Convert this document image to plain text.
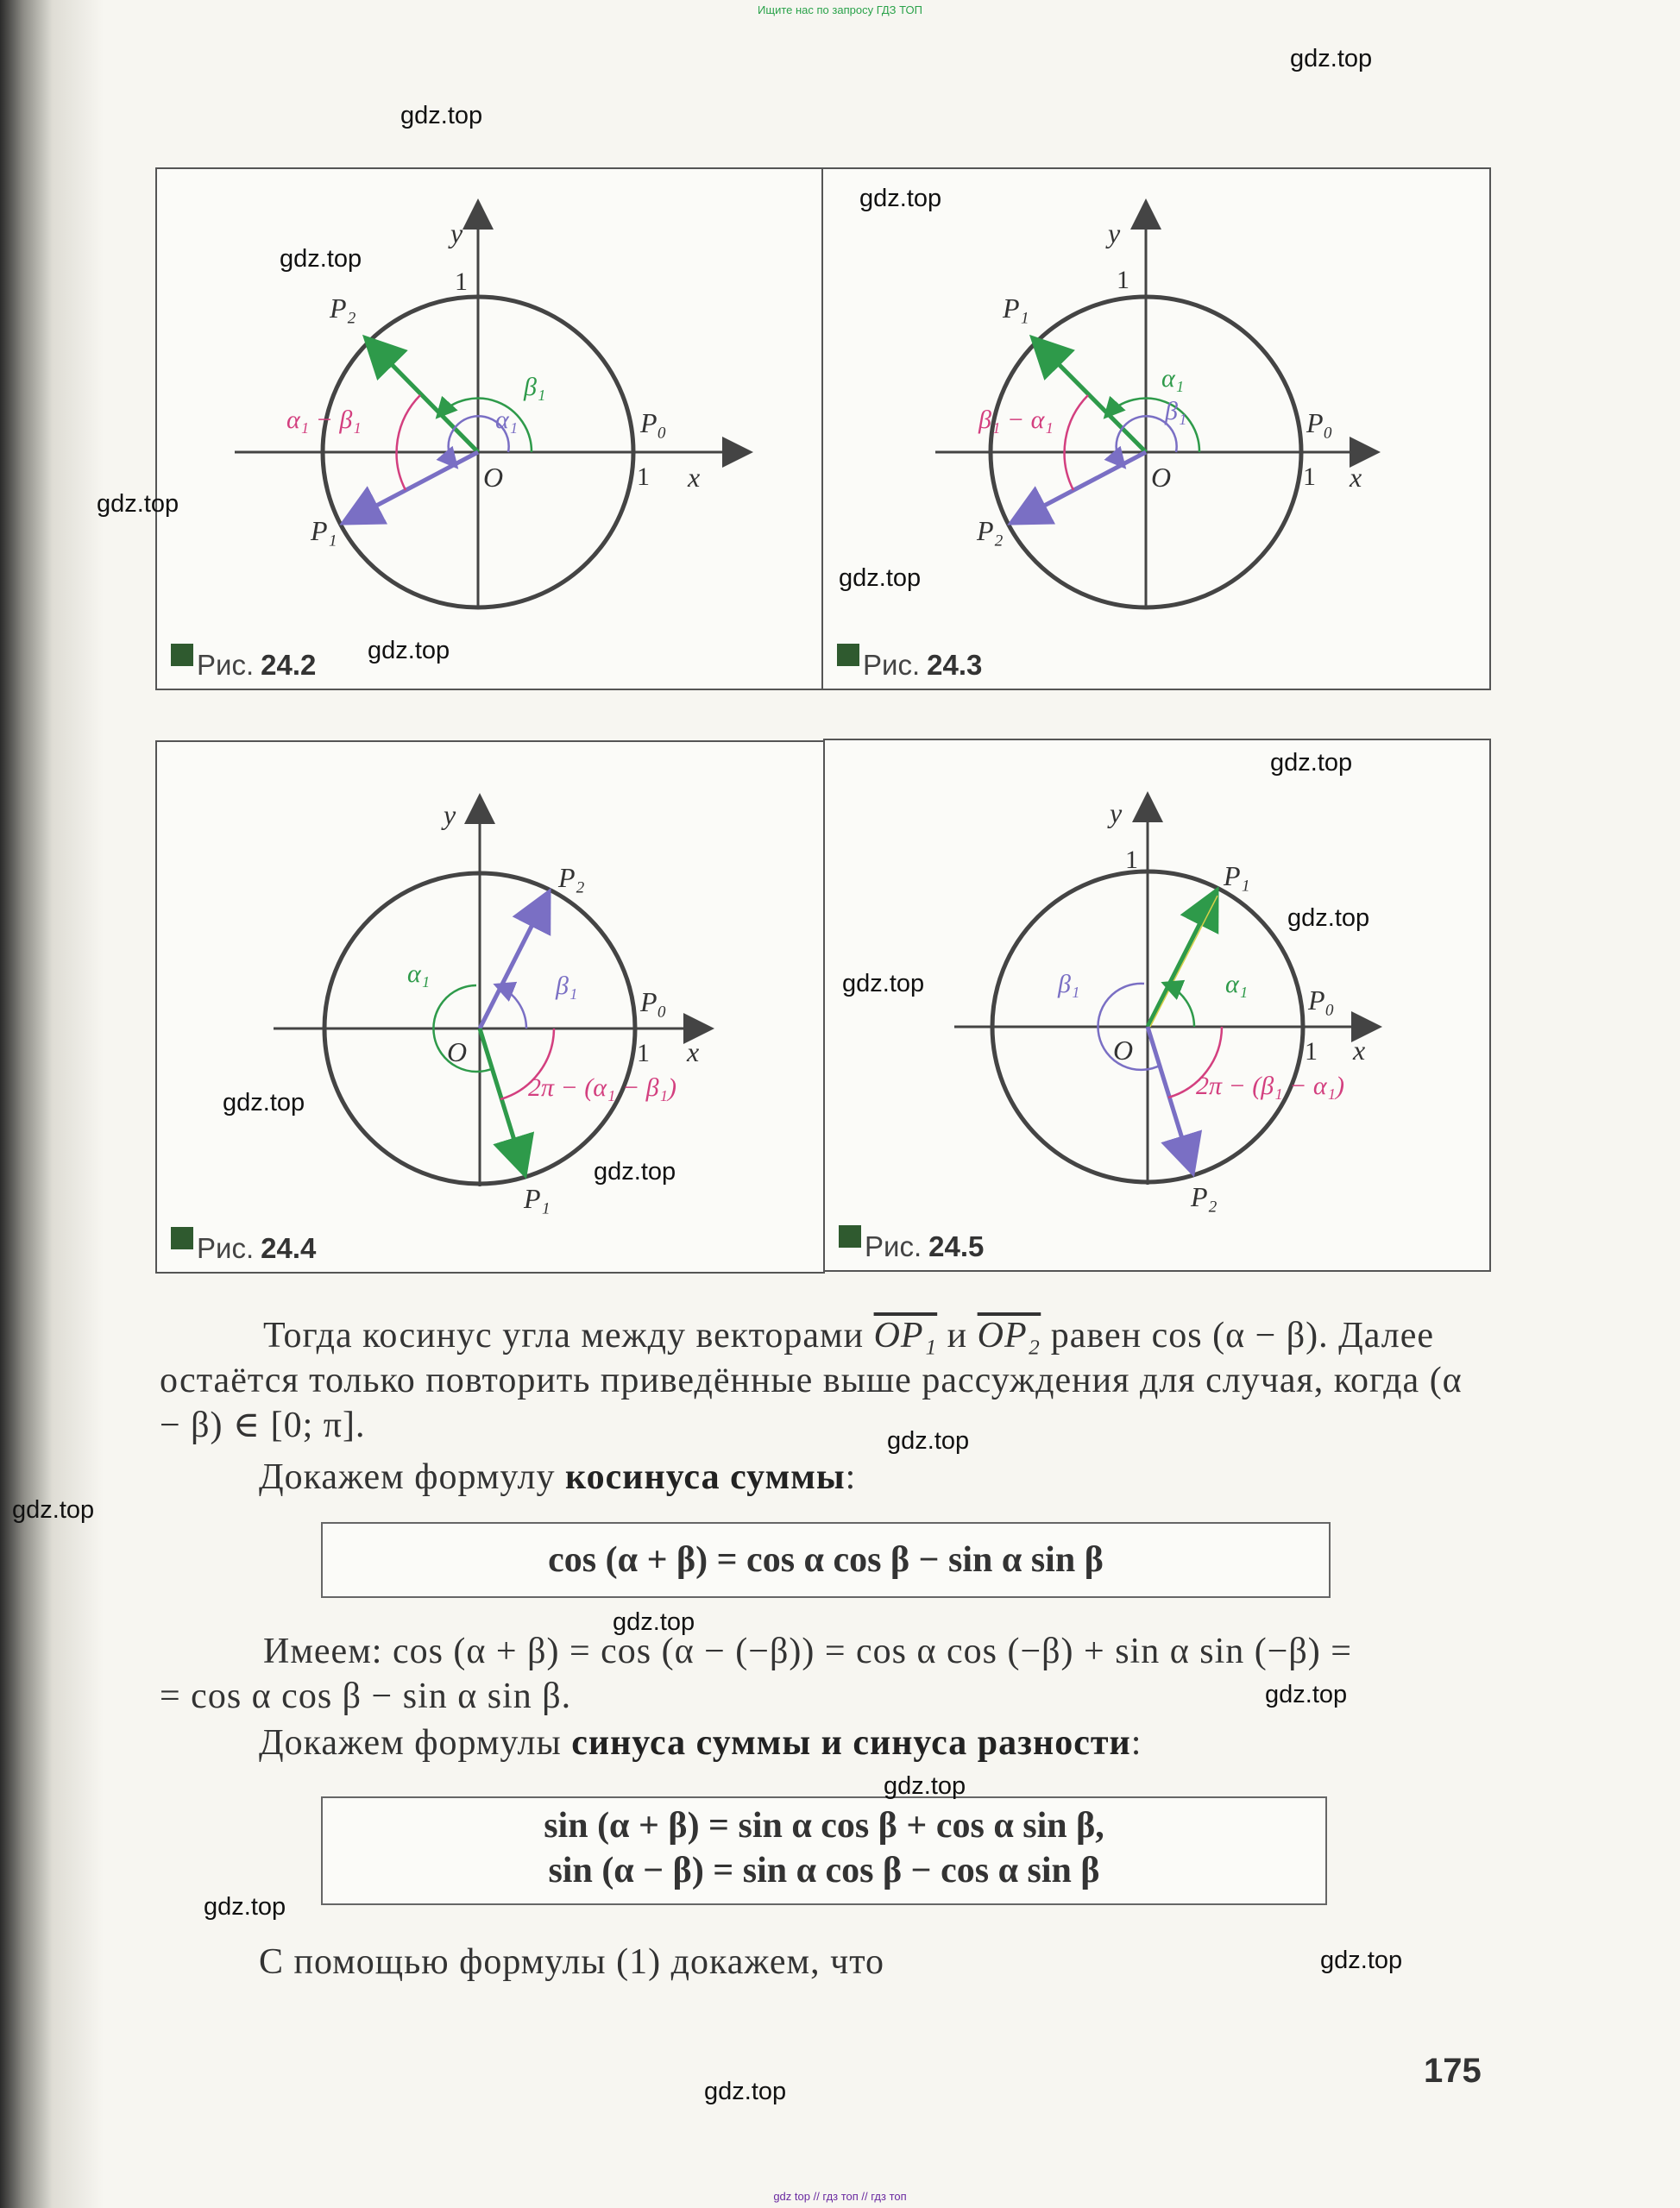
Ищите нас по запросу ГДЗ ТОП
α₁ − β₁
β₁
α₁
P₂
P₁
P₀
y
x
O
1
1
Рис. 24.2
β₁ − α₁
α₁
β₁
P₁
P₂
P₀
y
x
O
1
1
Рис. 24.3
α₁	β₁
2π − (α₁ − β₁)
P₂
P₁
P₀
y
x
O	1
Рис. 24.4
β₁	α₁
2π − (β₁ − α₁)
P₁
P₂
P₀
y
x
O
1
1
Рис. 24.5
Тогда косинус угла между векторами OP₁ и OP₂ равен cos (α − β). Далее остаётся только повторить приведённые выше рассуждения для случая, когда (α − β) ∈ [0; π].
Докажем формулу косинуса суммы:
cos (α + β) = cos α cos β − sin α sin β
Имеем: cos (α + β) = cos (α − (−β)) = cos α cos (−β) + sin α sin (−β) =
= cos α cos β − sin α sin β.
Докажем формулы синуса суммы и синуса разности:
sin (α + β) = sin α cos β + cos α sin β,
sin (α − β) = sin α cos β − cos α sin β
С помощью формулы (1) докажем, что
175
gdz.top
gdz.top
gdz.top
gdz.top
gdz.top
gdz.top
gdz.top
gdz.top
gdz.top
gdz.top
gdz.top
gdz.top
gdz.top
gdz.top
gdz.top
gdz.top
gdz.top
gdz.top
gdz.top
gdz.top
gdz top // гдз топ // гдз топ
